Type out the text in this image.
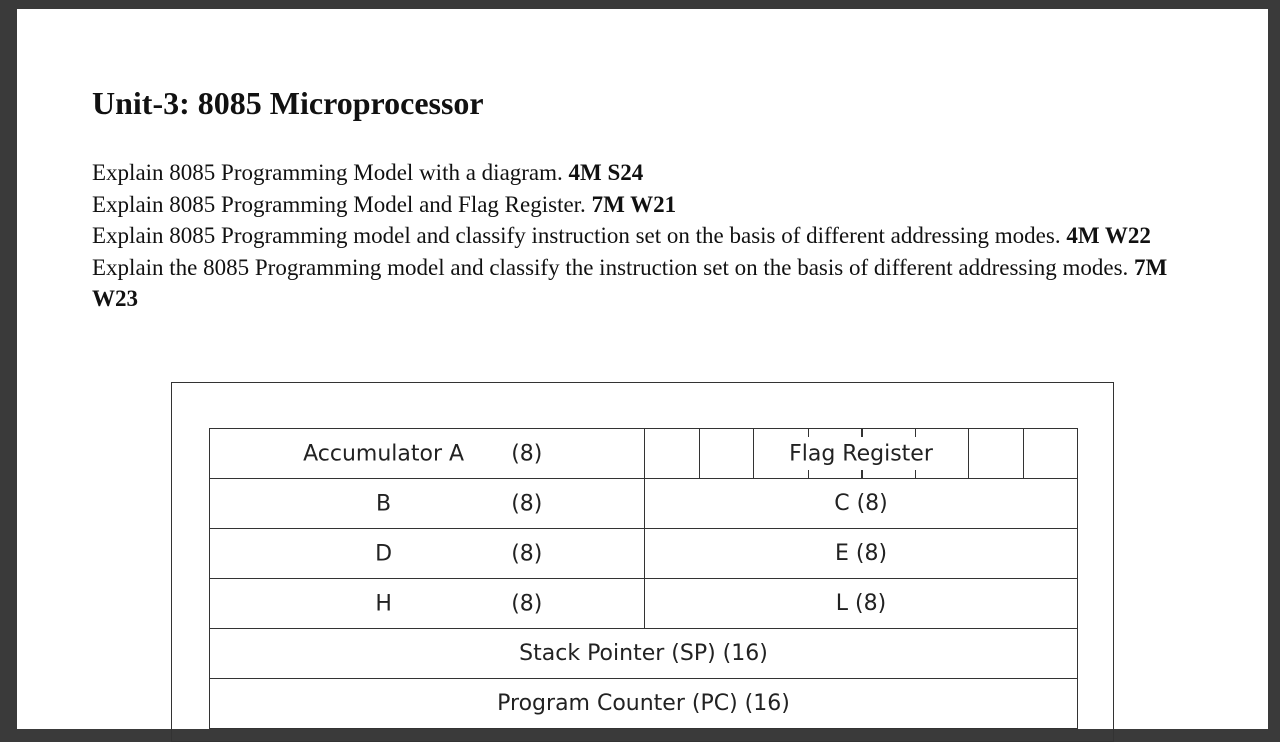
Unit-3: 8085 Microprocessor

Explain 8085 Programming Model with a diagram. 4M S24

Explain 8085 Programming Model and Flag Register. 7M W21

Explain 8085 Programming model and classify instruction set on the basis of different addressing modes. 4M W22

Explain the 8085 Programming model and classify the instruction set on the basis of different addressing modes. 7M W23

Accumulator A (8)	Flag Register

B (8)	C (8)

D (8)	E (8)

H (8)	L (8)
Stack Pointer (SP) (16)	
Program Counter (PC) (16)	
